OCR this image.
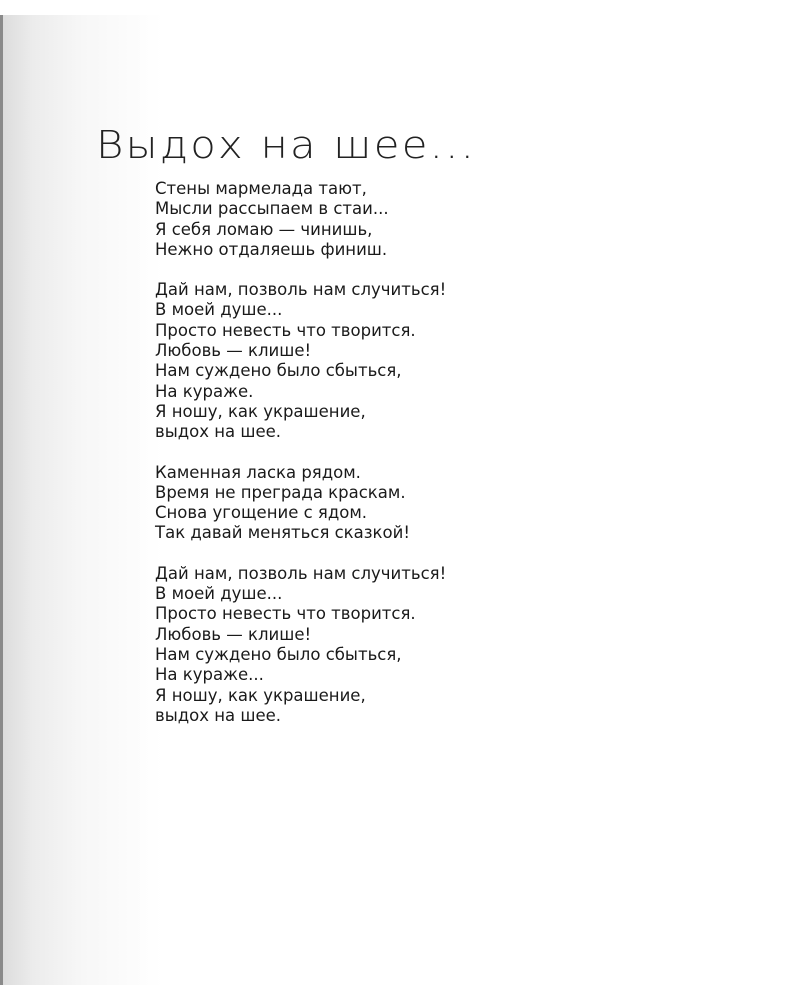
Выдох на шее...
Стены мармелада тают,
Мысли рассыпаем в стаи...
Я себя ломаю — чинишь,
Нежно отдаляешь финиш.
Дай нам, позволь нам случиться!
В моей душе...
Просто невесть что творится.
Любовь — клише!
Нам суждено было сбыться,
На кураже.
Я ношу, как украшение,
выдох на шее.
Каменная ласка рядом.
Время не преграда краскам.
Снова угощение с ядом.
Так давай меняться сказкой!
Дай нам, позволь нам случиться!
В моей душе...
Просто невесть что творится.
Любовь — клише!
Нам суждено было сбыться,
На кураже...
Я ношу, как украшение,
выдох на шее.
